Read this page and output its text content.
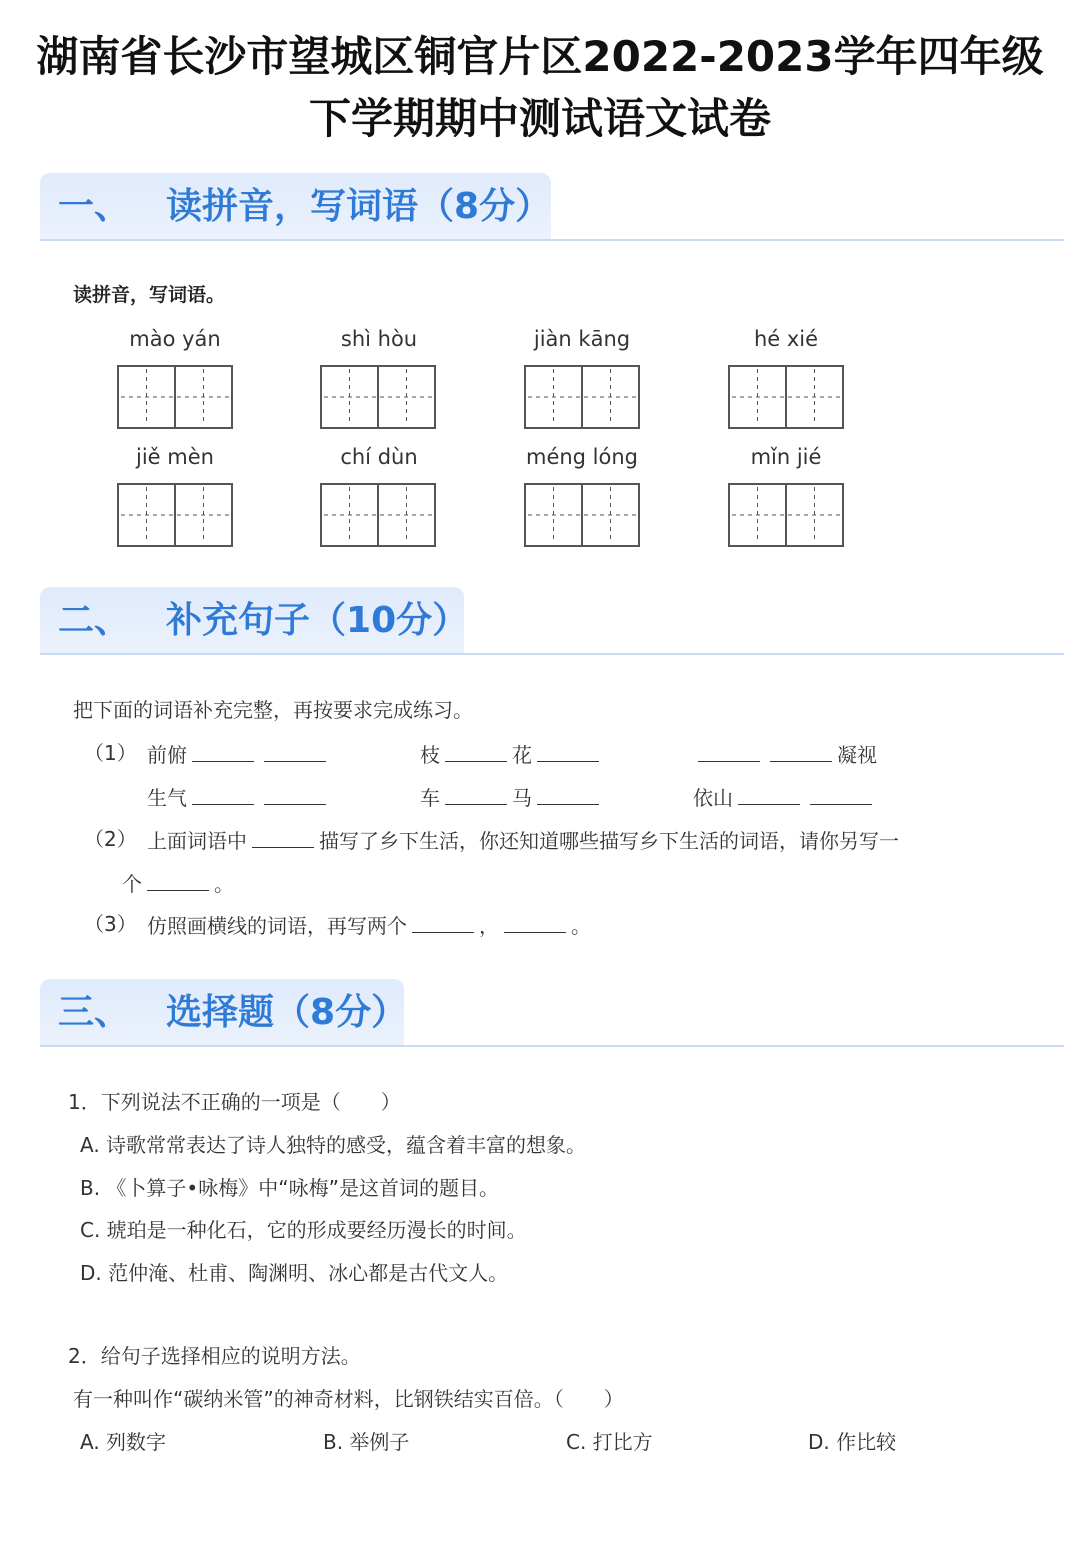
湖南省长沙市望城区铜官片区2022-2023学年四年级
下学期期中测试语文试卷
一、 读拼音，写词语（8分）
读拼音，写词语。
mào yán	shì hòu	jiàn kāng	hé xié
jiě mèn	chí dùn	méng lóng	mǐn jié
二、 补充句子（10分）
把下面的词语补充完整，再按要求完成练习。
（1） 前俯	枝	花	凝视
生气	车	马	依山
（2） 上面词语中	描写了乡下生活，你还知道哪些描写乡下生活的词语，请你另写一
个	。
（3） 仿照画横线的词语，再写两个	，	。
三、 选择题（8分）
1．下列说法不正确的一项是（　　）
A. 诗歌常常表达了诗人独特的感受，蕴含着丰富的想象。
B. 《卜算子•咏梅》中“咏梅”是这首词的题目。
C. 琥珀是一种化石，它的形成要经历漫长的时间。
D. 范仲淹、杜甫、陶渊明、冰心都是古代文人。
2．给句子选择相应的说明方法。
有一种叫作“碳纳米管”的神奇材料，比钢铁结实百倍。（　　）
A. 列数字	B. 举例子	C. 打比方	D. 作比较
